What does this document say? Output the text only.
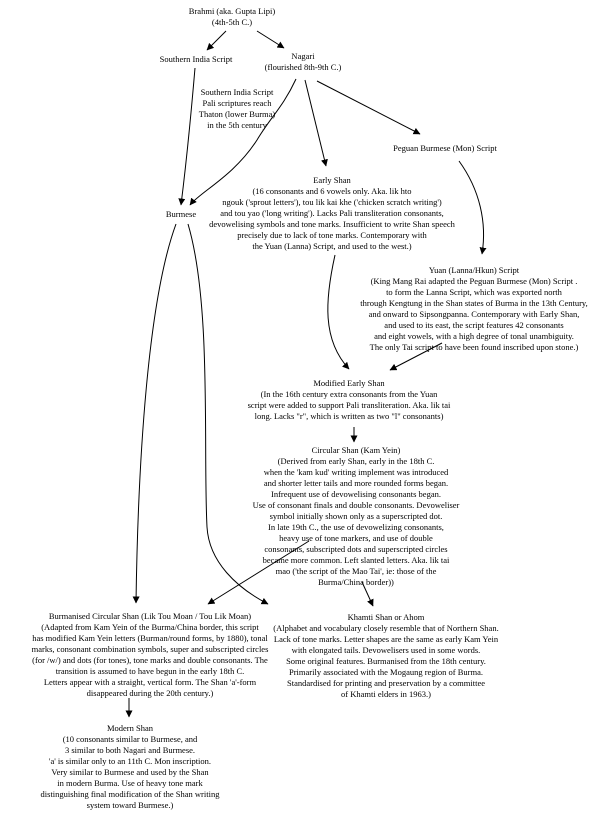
Brahmi (aka. Gupta Lipi)
(4th-5th C.)
Southern India Script	Nagari
(flourished 8th-9th C.)
Southern India Script
Pali scriptures reach
Thaton (lower Burma)
in the 5th century
Peguan Burmese (Mon) Script
Early Shan
(16 consonants and 6 vowels only. Aka. lik hto
ngouk ('sprout letters'), tou lik kai khe ('chicken scratch writing')
and tou yao ('long writing'). Lacks Pali transliteration consonants,
devowelising symbols and tone marks. Insufficient to write Shan speech
precisely due to lack of tone marks. Contemporary with
the Yuan (Lanna) Script, and used to the west.)
Burmese
Yuan (Lanna/Hkun) Script
(King Mang Rai adapted the Peguan Burmese (Mon) Script .
to form the Lanna Script, which was exported north
through Kengtung in the Shan states of Burma in the 13th Century,
and onward to Sipsongpanna. Contemporary with Early Shan,
and used to its east, the script features 42 consonants
and eight vowels, with a high degree of tonal unambiguity.
The only Tai script to have been found inscribed upon stone.)
Modified Early Shan
(In the 16th century extra consonants from the Yuan
script were added to support Pali transliteration. Aka. lik tai
long. Lacks "r", which is written as two "l" consonants)
Circular Shan (Kam Yein)
(Derived from early Shan, early in the 18th C.
when the 'kam kud' writing implement was introduced
and shorter letter tails and more rounded forms began.
Infrequent use of devowelising consonants began.
Use of consonant finals and double consonants. Devoweliser
symbol initially shown only as a superscripted dot.
In late 19th C., the use of devowelizing consonants,
heavy use of tone markers, and use of double
consonants, subscripted dots and superscripted circles
became more common. Left slanted letters. Aka. lik tai
mao ('the script of the Mao Tai', ie: those of the
Burma/China border))
Burmanised Circular Shan (Lik Tou Moan / Tou Lik Moan)
(Adapted from Kam Yein of the Burma/China border, this script
has modified Kam Yein letters (Burman/round forms, by 1880), tonal
marks, consonant combination symbols, super and subscripted circles
(for /w/) and dots (for tones), tone marks and double consonants. The
transition is assumed to have begun in the early 18th C.
Letters appear with a straight, vertical form. The Shan 'a'-form
disappeared during the 20th century.)
Khamti Shan or Ahom
(Alphabet and vocabulary closely resemble that of Northern Shan.
Lack of tone marks. Letter shapes are the same as early Kam Yein
with elongated tails. Devowelisers used in some words.
Some original features. Burmanised from the 18th century.
Primarily associated with the Mogaung region of Burma.
Standardised for printing and preservation by a committee
of Khamti elders in 1963.)
Modern Shan
(10 consonants similar to Burmese, and
3 similar to both Nagari and Burmese.
'a' is similar only to an 11th C. Mon inscription.
Very similar to Burmese and used by the Shan
in modern Burma. Use of heavy tone mark
distinguishing final modification of the Shan writing
system toward Burmese.)
